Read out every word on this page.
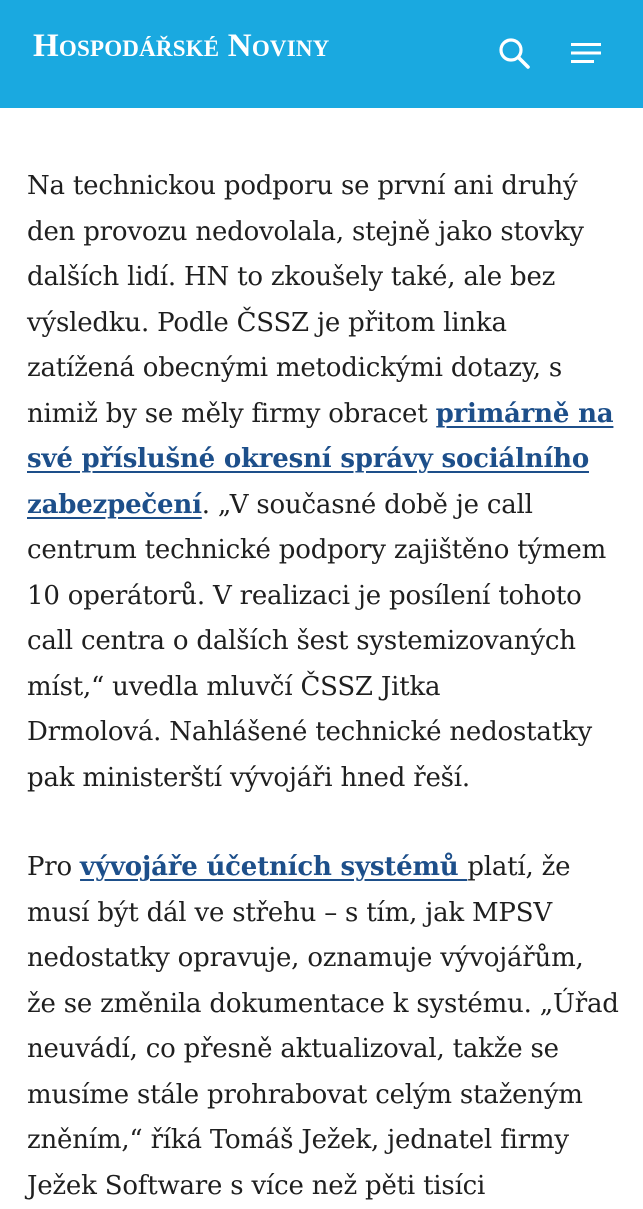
Hospodářské Noviny

Na technickou podporu se první ani druhý
den provozu nedovolala, stejně jako stovky
dalších lidí. HN to zkoušely také, ale bez
výsledku. Podle ČSSZ je přitom linka
zatížená obecnými metodickými dotazy, s
nimiž by se měly firmy obracet primárně na
své příslušné okresní správy sociálního
zabezpečení. „V současné době je call
centrum technické podpory zajištěno týmem
10 operátorů. V realizaci je posílení tohoto
call centra o dalších šest systemizovaných
míst,“ uvedla mluvčí ČSSZ Jitka
Drmolová. Nahlášené technické nedostatky
pak ministerští vývojáři hned řeší.

Pro vývojáře účetních systémů platí, že
musí být dál ve střehu – s tím, jak MPSV
nedostatky opravuje, oznamuje vývojářům,
že se změnila dokumentace k systému. „Úřad
neuvádí, co přesně aktualizoval, takže se
musíme stále prohrabovat celým staženým
zněním,“ říká Tomáš Ježek, jednatel firmy
Ježek Software s více než pěti tisíci
